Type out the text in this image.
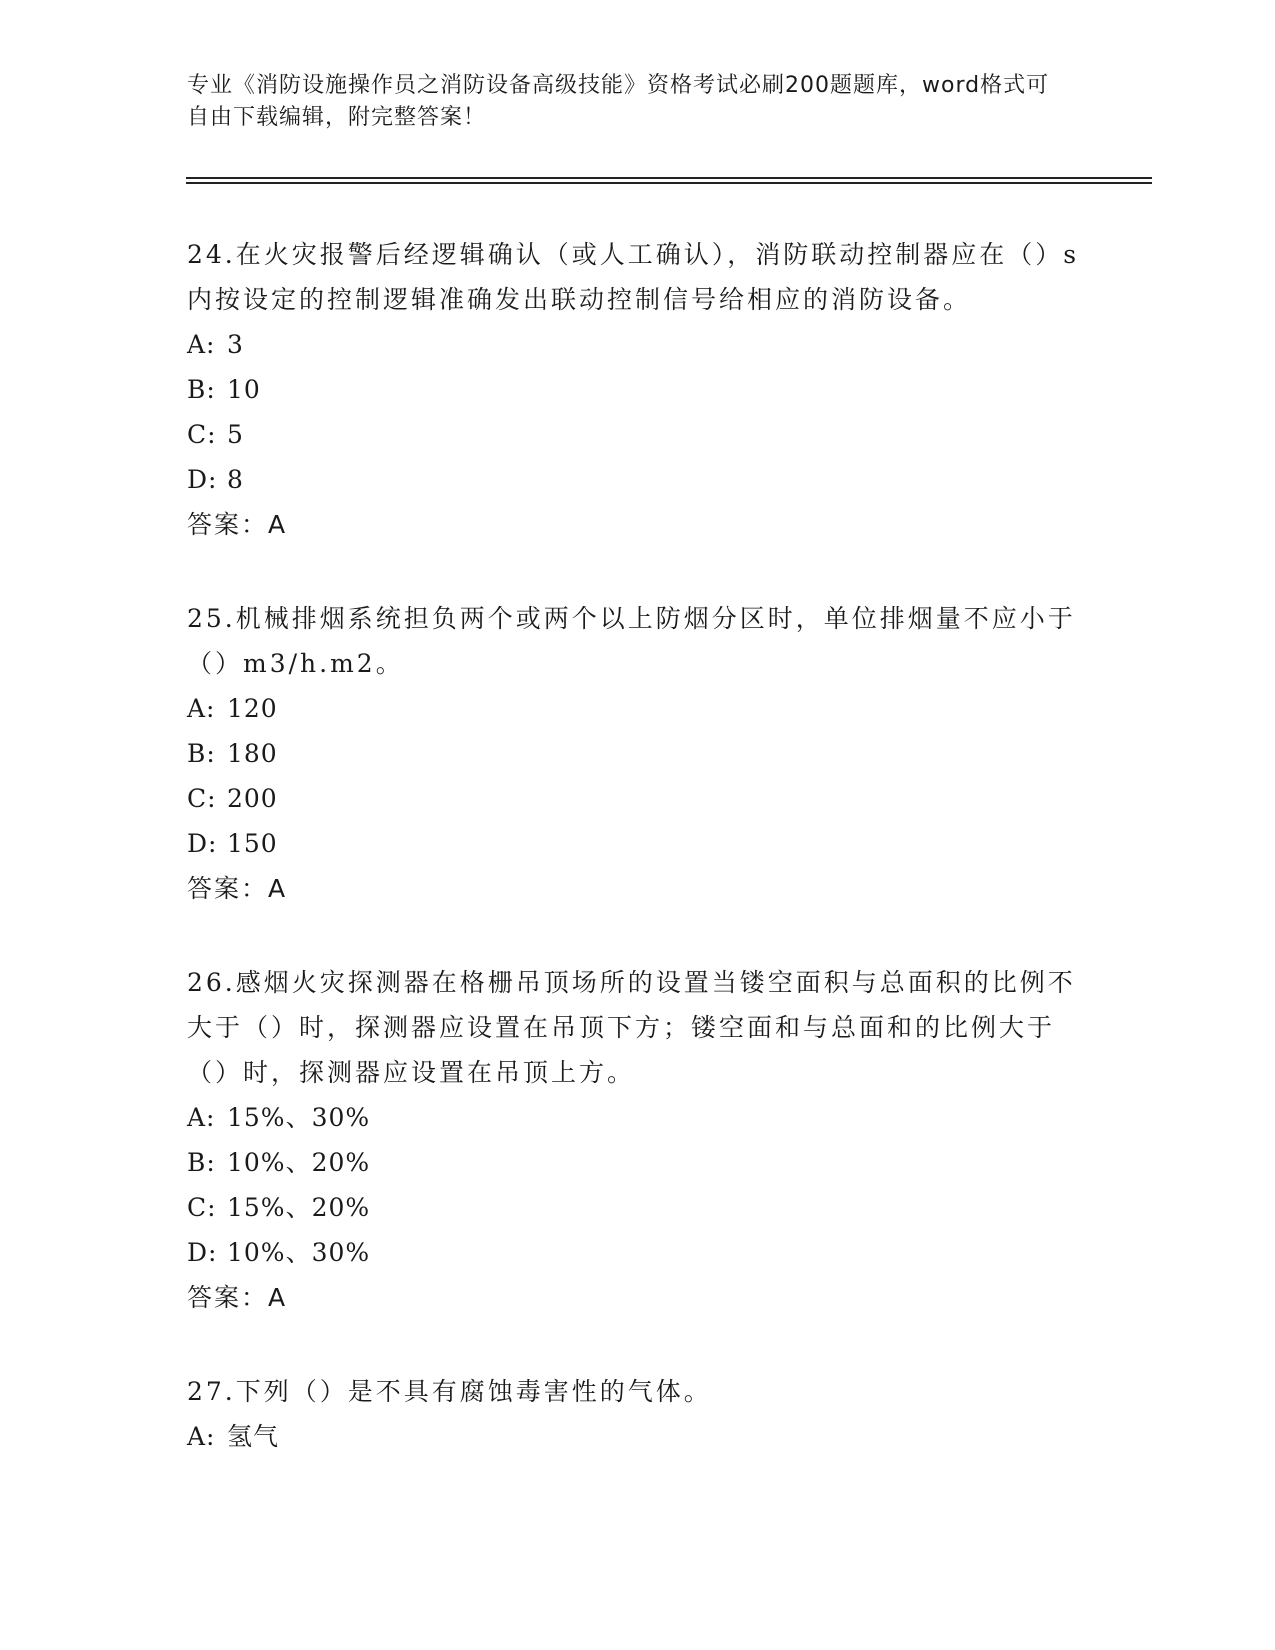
专业《消防设施操作员之消防设备高级技能》资格考试必刷200题题库，word格式可自由下载编辑，附完整答案！

24.在火灾报警后经逻辑确认（或人工确认），消防联动控制器应在（）s内按设定的控制逻辑准确发出联动控制信号给相应的消防设备。

A: 3

B: 10

C: 5

D: 8

答案：A

25.机械排烟系统担负两个或两个以上防烟分区时，单位排烟量不应小于（）m3/h.m2。

A: 120

B: 180

C: 200

D: 150

答案：A

26.感烟火灾探测器在格栅吊顶场所的设置当镂空面积与总面积的比例不大于（）时，探测器应设置在吊顶下方；镂空面和与总面和的比例大于（）时，探测器应设置在吊顶上方。

A: 15%、30%

B: 10%、20%

C: 15%、20%

D: 10%、30%

答案：A

27.下列（）是不具有腐蚀毒害性的气体。

A: 氢气
